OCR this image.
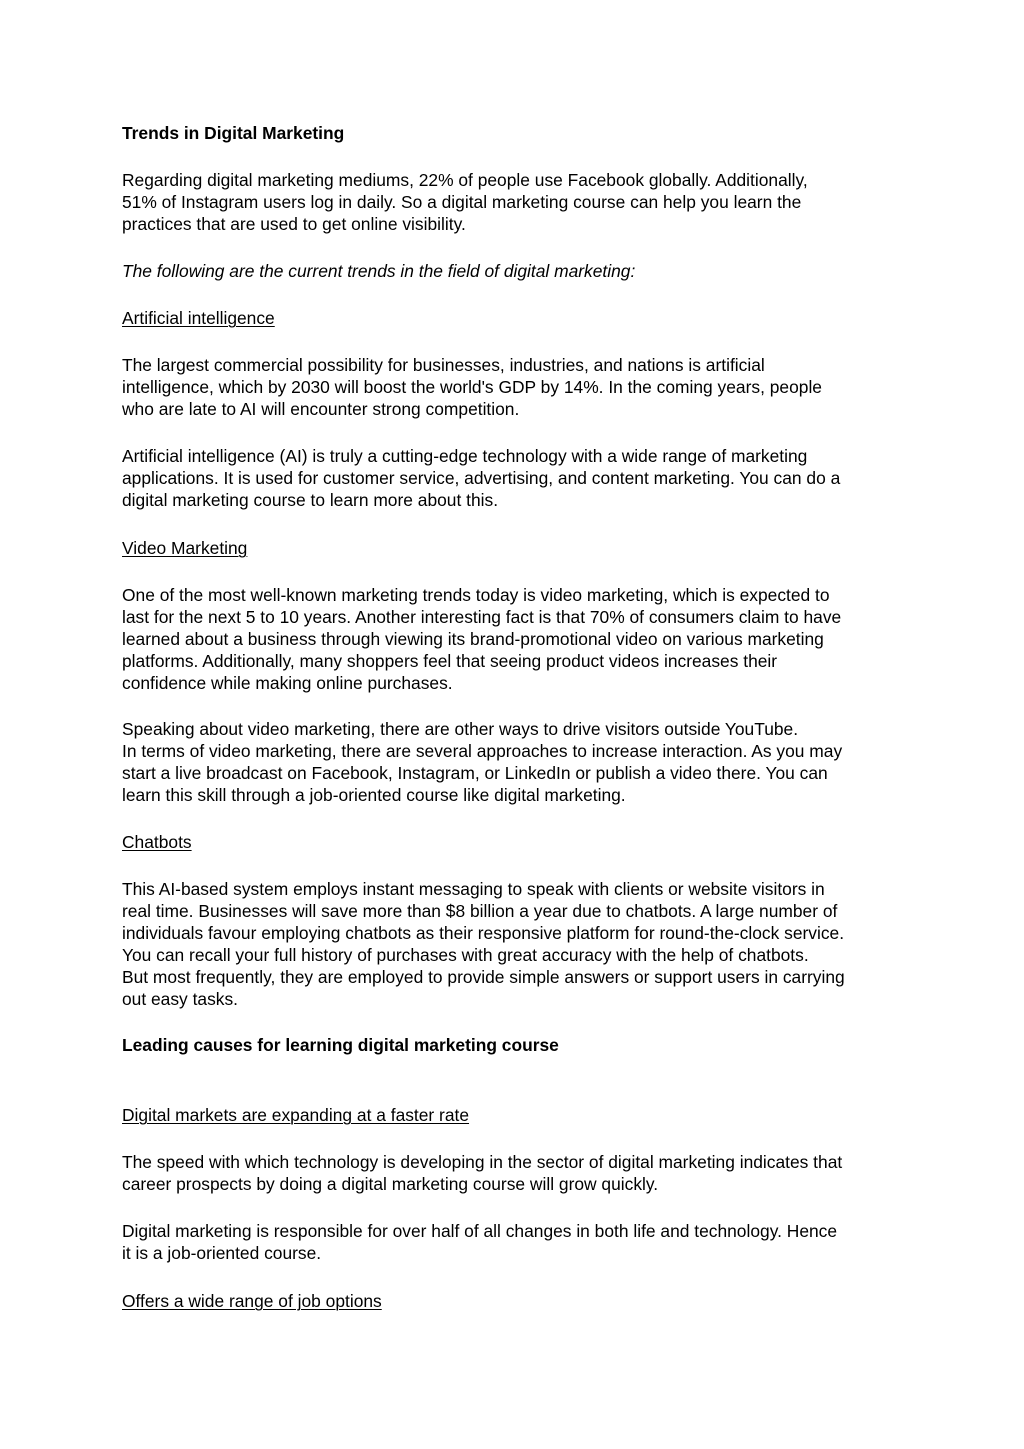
Trends in Digital Marketing
Regarding digital marketing mediums, 22% of people use Facebook globally. Additionally,
51% of Instagram users log in daily. So a digital marketing course can help you learn the
practices that are used to get online visibility.
The following are the current trends in the field of digital marketing:
Artificial intelligence
The largest commercial possibility for businesses, industries, and nations is artificial
intelligence, which by 2030 will boost the world's GDP by 14%. In the coming years, people
who are late to AI will encounter strong competition.
Artificial intelligence (AI) is truly a cutting-edge technology with a wide range of marketing
applications. It is used for customer service, advertising, and content marketing. You can do a
digital marketing course to learn more about this.
Video Marketing
One of the most well-known marketing trends today is video marketing, which is expected to
last for the next 5 to 10 years. Another interesting fact is that 70% of consumers claim to have
learned about a business through viewing its brand-promotional video on various marketing
platforms. Additionally, many shoppers feel that seeing product videos increases their
confidence while making online purchases.
Speaking about video marketing, there are other ways to drive visitors outside YouTube.
In terms of video marketing, there are several approaches to increase interaction. As you may
start a live broadcast on Facebook, Instagram, or LinkedIn or publish a video there. You can
learn this skill through a job-oriented course like digital marketing.
Chatbots
This AI-based system employs instant messaging to speak with clients or website visitors in
real time. Businesses will save more than $8 billion a year due to chatbots. A large number of
individuals favour employing chatbots as their responsive platform for round-the-clock service.
You can recall your full history of purchases with great accuracy with the help of chatbots.
But most frequently, they are employed to provide simple answers or support users in carrying
out easy tasks.
Leading causes for learning digital marketing course
Digital markets are expanding at a faster rate
The speed with which technology is developing in the sector of digital marketing indicates that
career prospects by doing a digital marketing course will grow quickly.
Digital marketing is responsible for over half of all changes in both life and technology. Hence
it is a job-oriented course.
Offers a wide range of job options
